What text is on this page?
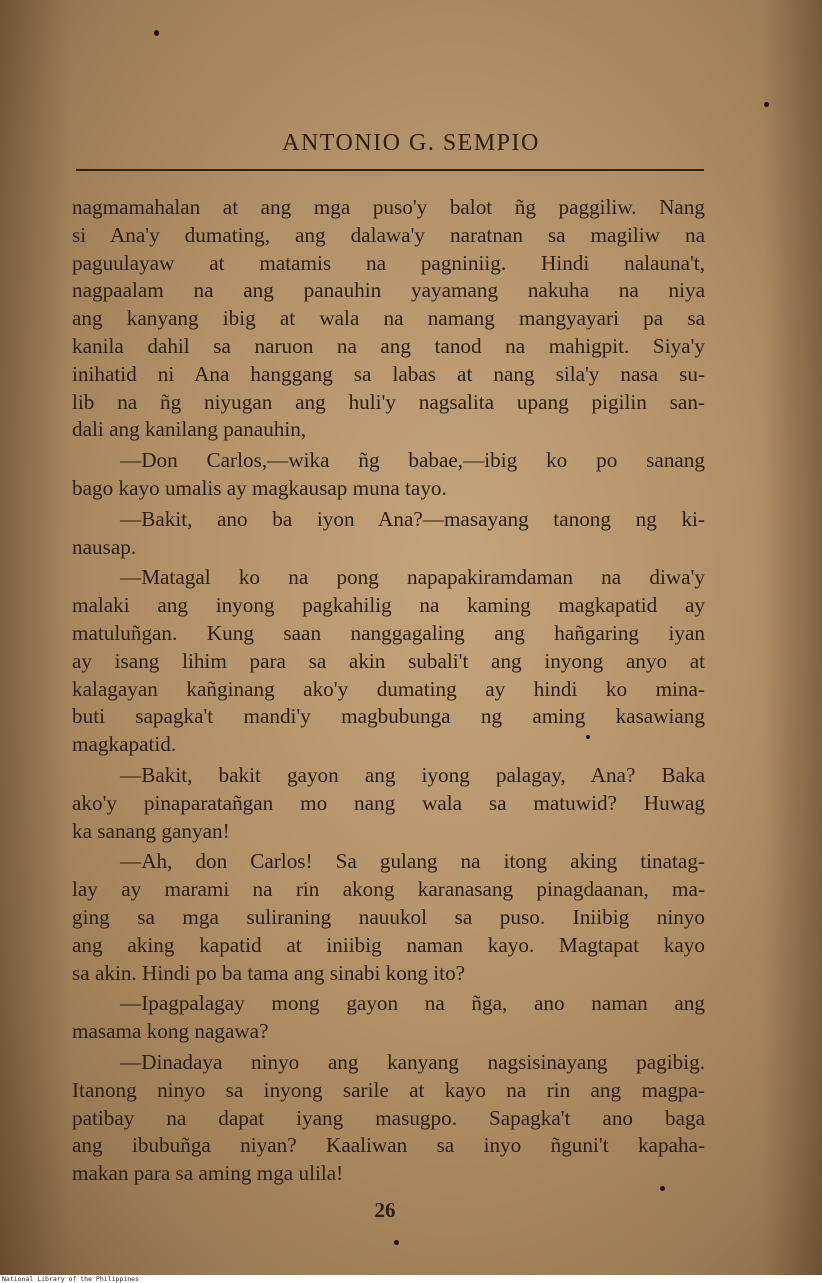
ANTONIO G. SEMPIO

nagmamahalan at ang mga puso'y balot ñg paggiliw. Nang
si Ana'y dumating, ang dalawa'y naratnan sa magiliw na
paguulayaw at matamis na pagniniig. Hindi nalauna't,
nagpaalam na ang panauhin yayamang nakuha na niya
ang kanyang ibig at wala na namang mangyayari pa sa
kanila dahil sa naruon na ang tanod na mahigpit. Siya'y
inihatid ni Ana hanggang sa labas at nang sila'y nasa su-
lib na ñg niyugan ang huli'y nagsalita upang pigilin san-
dali ang kanilang panauhin,

—Don Carlos,—wika ñg babae,—ibig ko po sanang
bago kayo umalis ay magkausap muna tayo.

—Bakit, ano ba iyon Ana?—masayang tanong ng ki-
nausap.

—Matagal ko na pong napapakiramdaman na diwa'y
malaki ang inyong pagkahilig na kaming magkapatid ay
matuluñgan. Kung saan nanggagaling ang hañgaring iyan
ay isang lihim para sa akin subali't ang inyong anyo at
kalagayan kañginang ako'y dumating ay hindi ko mina-
buti sapagka't mandi'y magbubunga ng aming kasawiang
magkapatid.

—Bakit, bakit gayon ang iyong palagay, Ana? Baka
ako'y pinaparatañgan mo nang wala sa matuwid? Huwag
ka sanang ganyan!

—Ah, don Carlos! Sa gulang na itong aking tinatag-
lay ay marami na rin akong karanasang pinagdaanan, ma-
ging sa mga suliraning nauukol sa puso. Iniibig ninyo
ang aking kapatid at iniibig naman kayo. Magtapat kayo
sa akin. Hindi po ba tama ang sinabi kong ito?

—Ipagpalagay mong gayon na ñga, ano naman ang
masama kong nagawa?

—Dinadaya ninyo ang kanyang nagsisinayang pagibig.
Itanong ninyo sa inyong sarile at kayo na rin ang magpa-
patibay na dapat iyang masugpo. Sapagka't ano baga
ang ibubuñga niyan? Kaaliwan sa inyo ñguni't kapaha-
makan para sa aming mga ulila!

26
National Library of the Philippines
